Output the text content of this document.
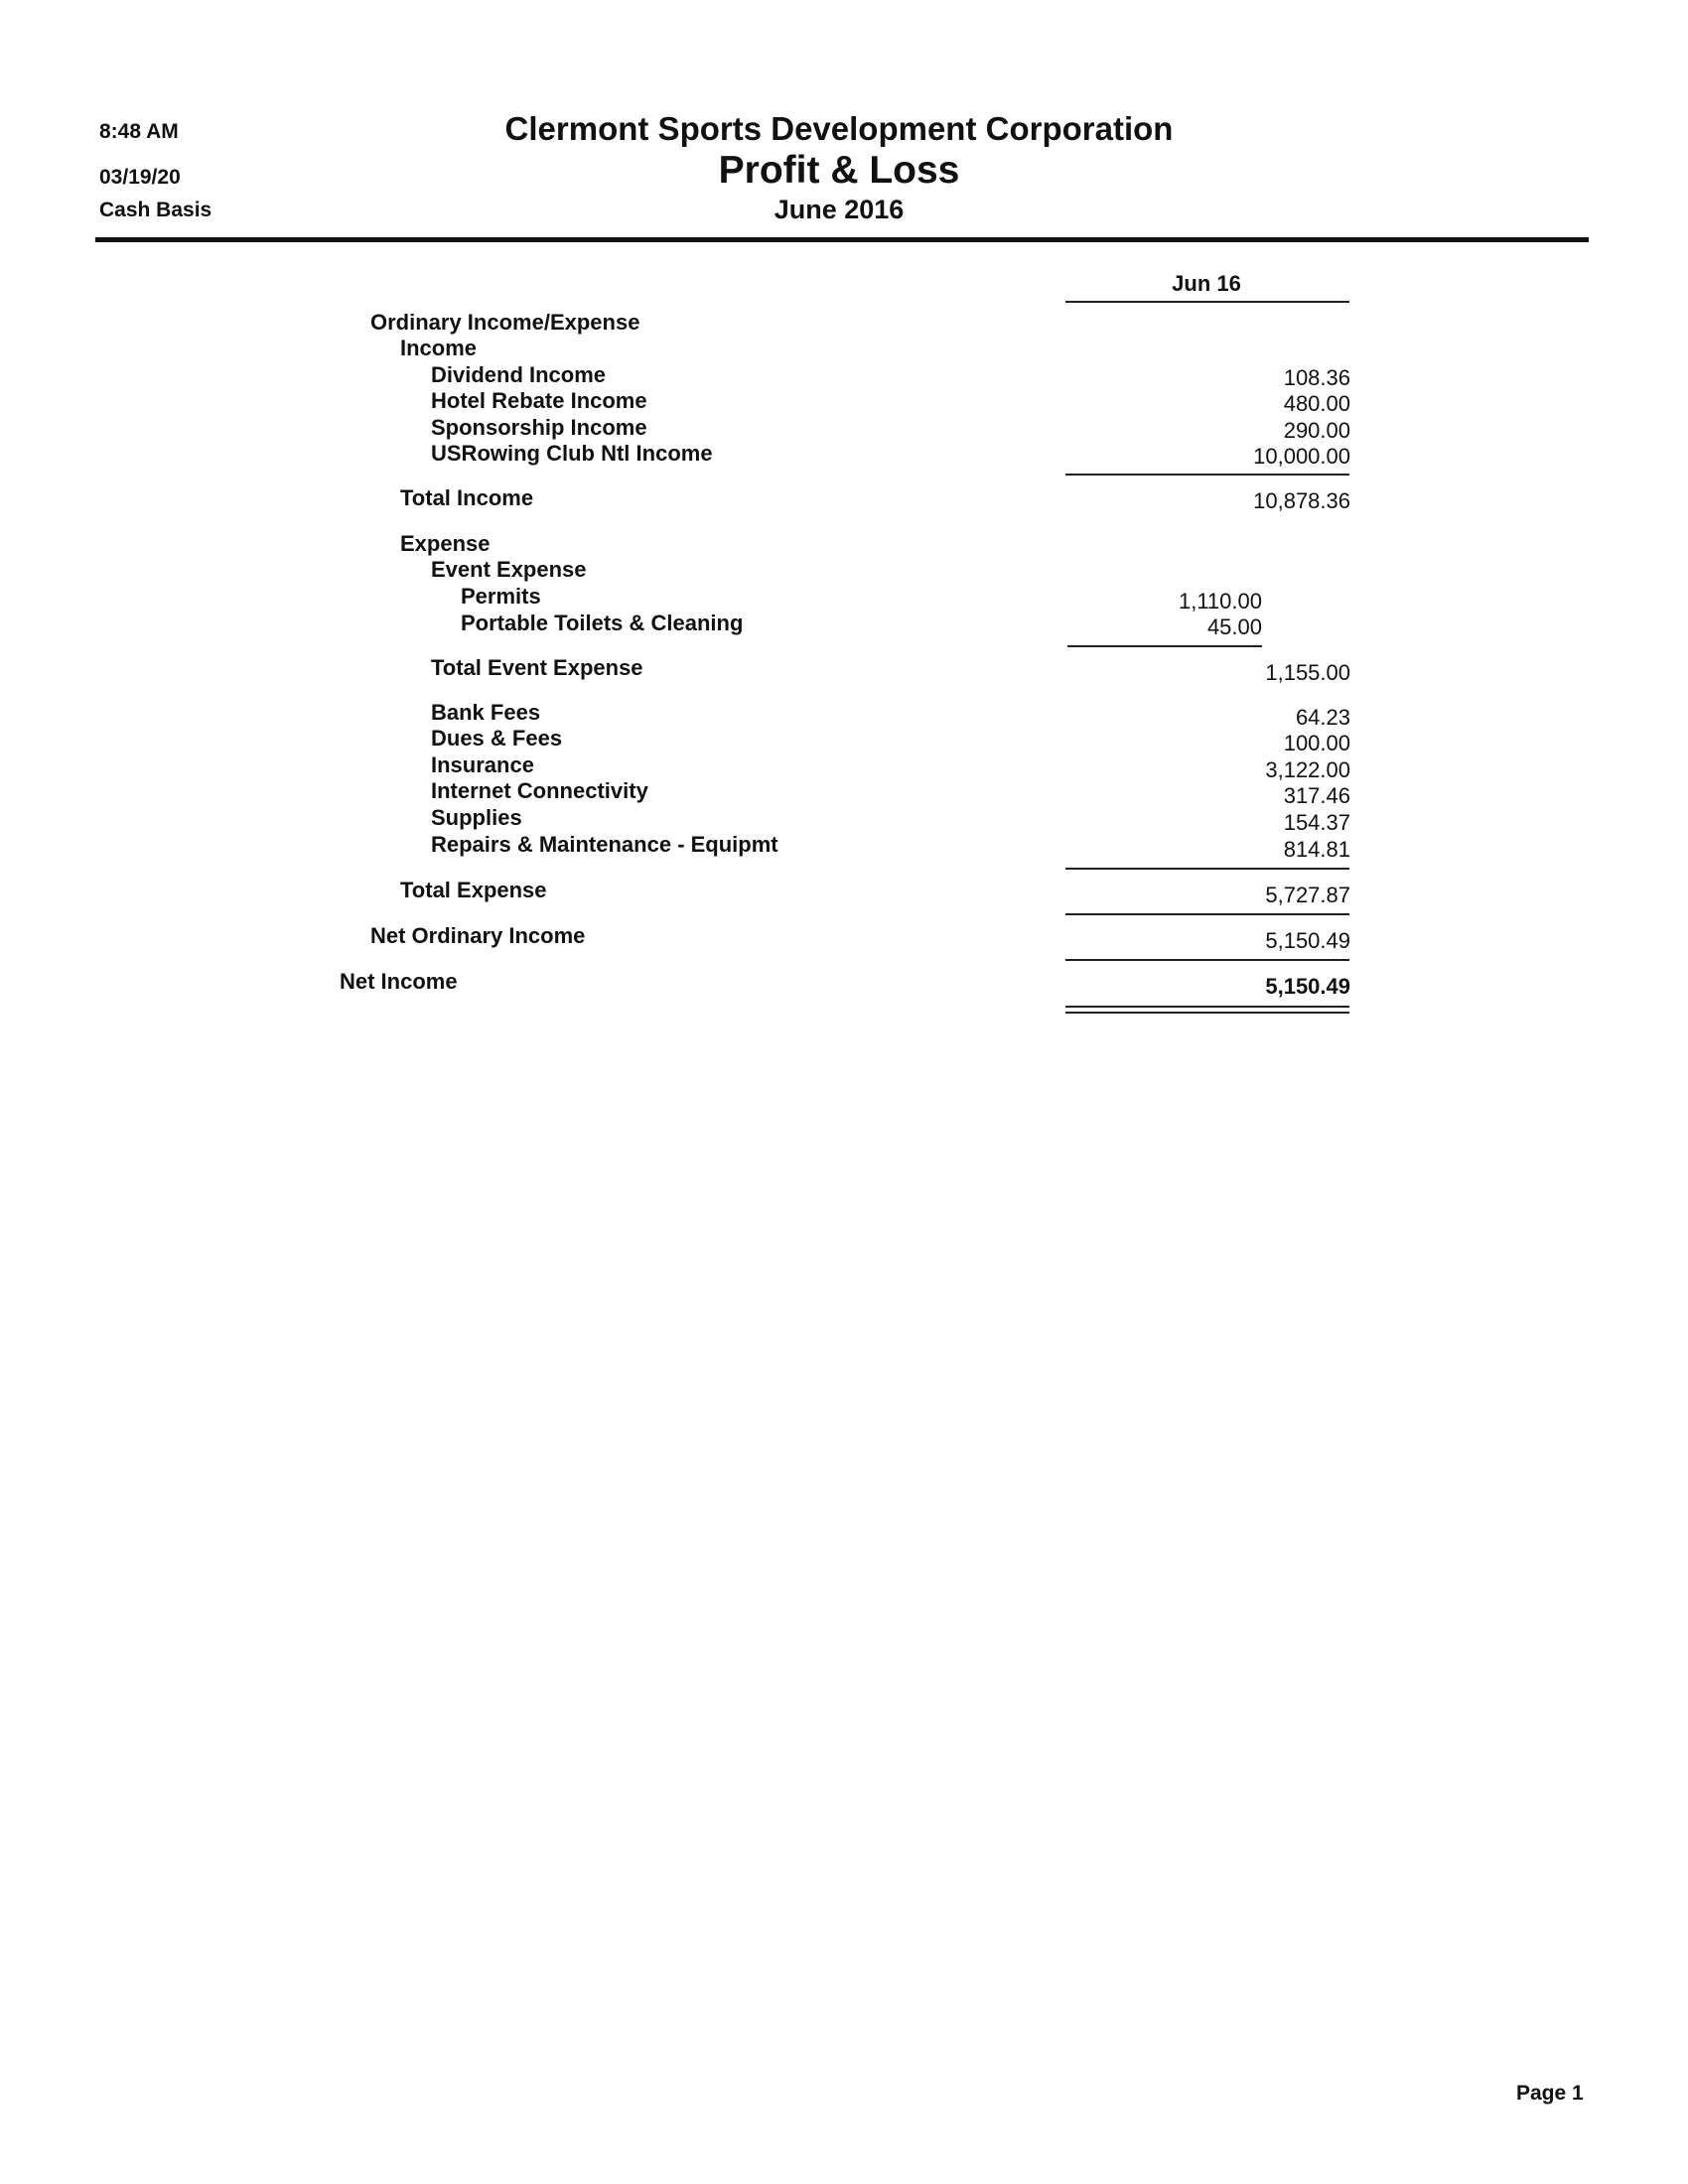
8:48 AM
03/19/20
Cash Basis
Clermont Sports Development Corporation
Profit & Loss
June 2016
Jun 16
Ordinary Income/Expense
Income
Dividend Income	108.36
Hotel Rebate Income	480.00
Sponsorship Income	290.00
USRowing Club Ntl Income	10,000.00
Total Income	10,878.36
Expense
Event Expense
Permits	1,110.00
Portable Toilets & Cleaning	45.00
Total Event Expense	1,155.00
Bank Fees	64.23
Dues & Fees	100.00
Insurance	3,122.00
Internet Connectivity	317.46
Supplies	154.37
Repairs & Maintenance - Equipmt	814.81
Total Expense	5,727.87
Net Ordinary Income	5,150.49
Net Income	5,150.49
Page 1
